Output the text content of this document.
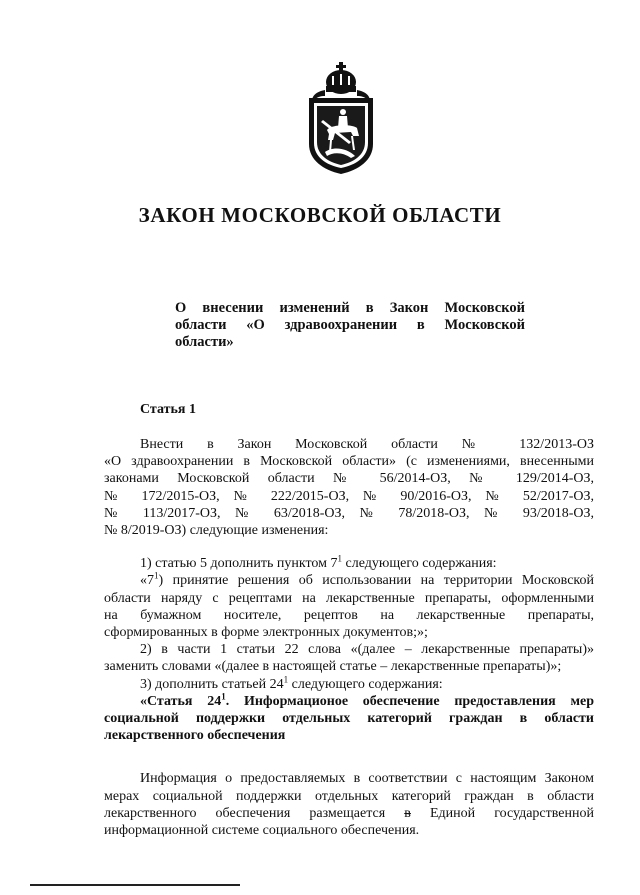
ЗАКОН МОСКОВСКОЙ ОБЛАСТИ
О внесении изменений в Закон Московской
области «О здравоохранении в Московской
области»
Статья 1
Внести в Закон Московской области № 132/2013-ОЗ
«О здравоохранении в Московской области» (с изменениями, внесенными
законами Московской области № 56/2014-ОЗ, № 129/2014-ОЗ,
№ 172/2015-ОЗ, № 222/2015-ОЗ, № 90/2016-ОЗ, № 52/2017-ОЗ,
№ 113/2017-ОЗ, № 63/2018-ОЗ, № 78/2018-ОЗ, № 93/2018-ОЗ,
№ 8/2019-ОЗ) следующие изменения:
1) статью 5 дополнить пунктом $7^1$ следующего содержания:
«$7^1$) принятие решения об использовании на территории Московской
области наряду с рецептами на лекарственные препараты, оформленными
на бумажном носителе, рецептов на лекарственные препараты,
сформированных в форме электронных документов;»;
2) в части 1 статьи 22 слова «(далее – лекарственные препараты)»
заменить словами «(далее в настоящей статье – лекарственные препараты)»;
3) дополнить статьей $24^1$ следующего содержания:
«Статья $24^1$. Информационое обеспечение предоставления мер
социальной поддержки отдельных категорий граждан в области
лекарственного обеспечения
Информация о предоставляемых в соответствии с настоящим Законом
мерах социальной поддержки отдельных категорий граждан в области
лекарственного обеспечения размещается в Единой государственной
информационной системе социального обеспечения.
